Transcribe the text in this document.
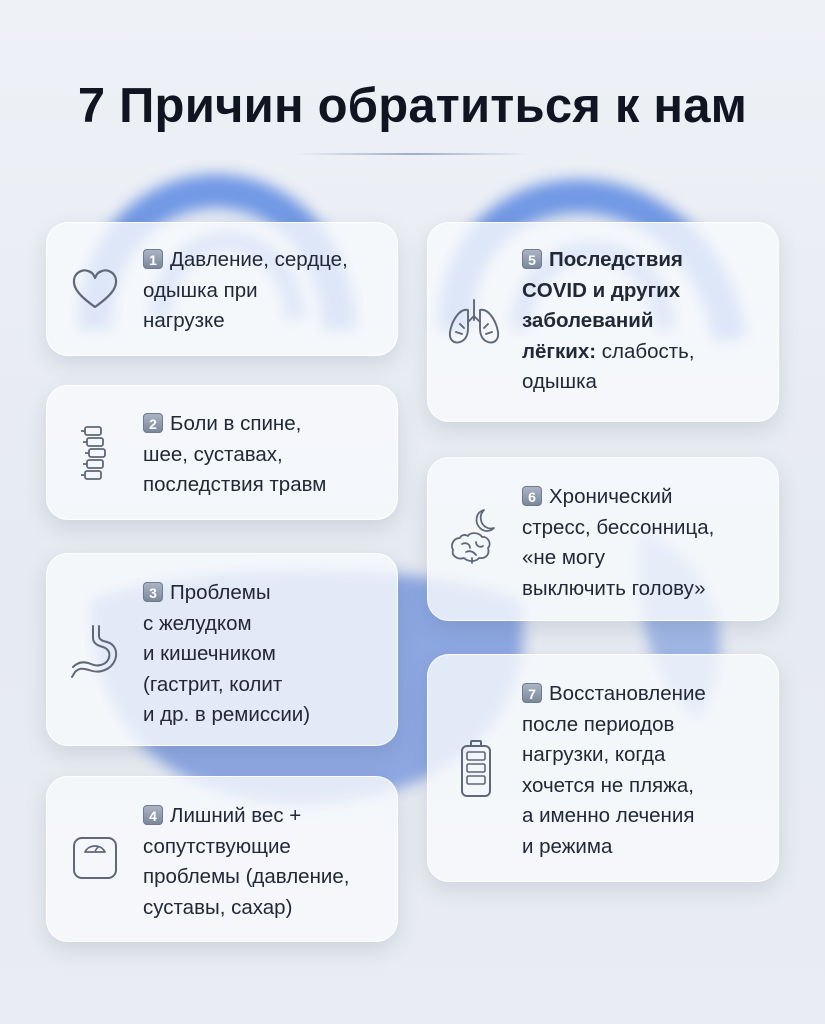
7 Причин обратиться к нам
1 Давление, сердце,
одышка при
нагрузке
2 Боли в спине,
шее, суставах,
последствия травм
3 Проблемы
с желудком
и кишечником
(гастрит, колит
и др. в ремиссии)
4 Лишний вес +
сопутствующие
проблемы (давление,
суставы, сахар)
5 Последствия
COVID и других
заболеваний
лёгких: слабость,
одышка
6 Хронический
стресс, бессонница,
«не могу
выключить голову»
7 Восстановление
после периодов
нагрузки, когда
хочется не пляжа,
а именно лечения
и режима
